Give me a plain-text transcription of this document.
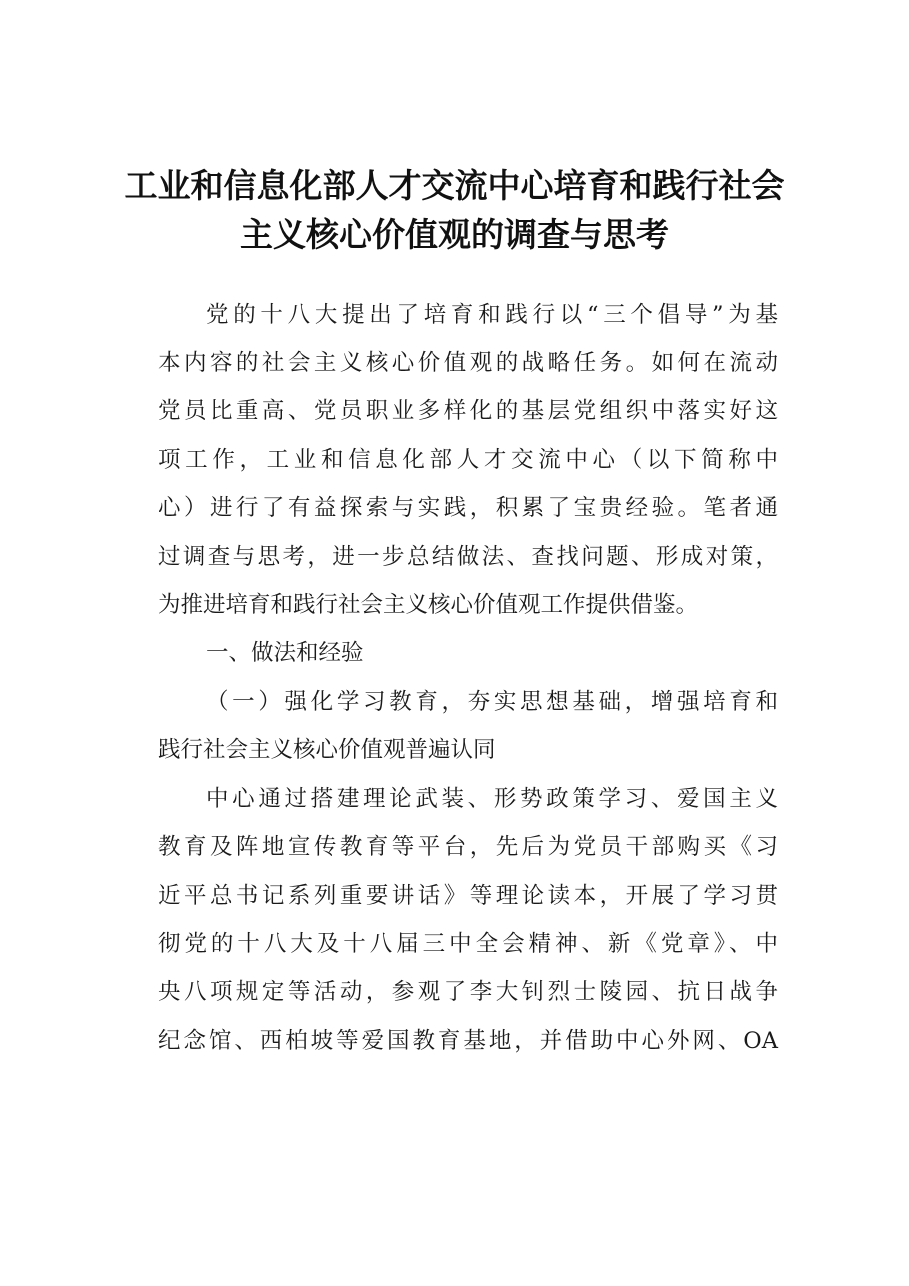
工业和信息化部人才交流中心培育和践行社会
主义核心价值观的调查与思考
党的十八大提出了培育和践行以“三个倡导”为基
本内容的社会主义核心价值观的战略任务。如何在流动
党员比重高、党员职业多样化的基层党组织中落实好这
项工作，工业和信息化部人才交流中心（以下简称中
心）进行了有益探索与实践，积累了宝贵经验。笔者通
过调查与思考，进一步总结做法、查找问题、形成对策，
为推进培育和践行社会主义核心价值观工作提供借鉴。
一、做法和经验
（一）强化学习教育，夯实思想基础，增强培育和
践行社会主义核心价值观普遍认同
中心通过搭建理论武装、形势政策学习、爱国主义
教育及阵地宣传教育等平台，先后为党员干部购买《习
近平总书记系列重要讲话》等理论读本，开展了学习贯
彻党的十八大及十八届三中全会精神、新《党章》、中
央八项规定等活动，参观了李大钊烈士陵园、抗日战争
纪念馆、西柏坡等爱国教育基地，并借助中心外网、OA
